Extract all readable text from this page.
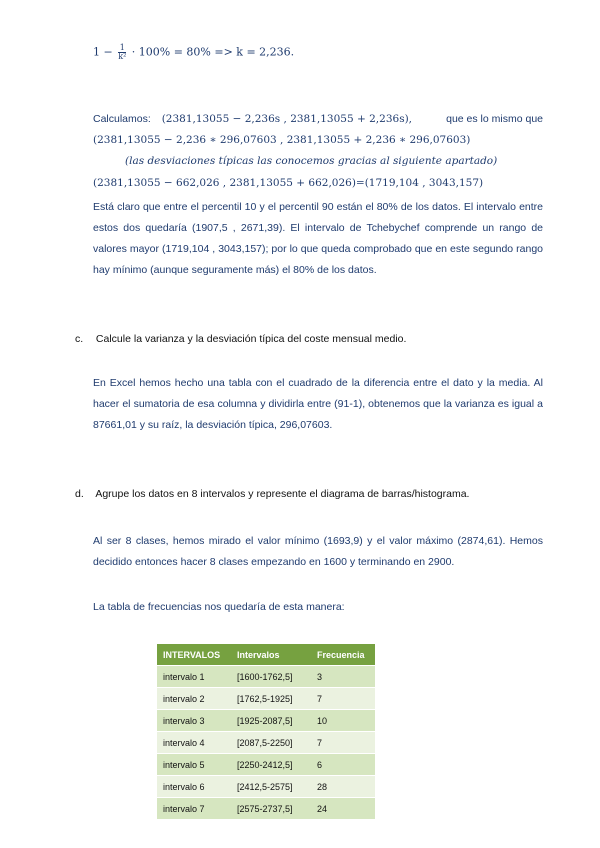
$1 - \frac{1}{\text{k²}} \cdot 100\% = 80\% => k = 2,236$.
Calculamos: (2381,13055 − 2,236s , 2381,13055 + 2,236s),	que es lo mismo que
(2381,13055 − 2,236 ∗ 296,07603 , 2381,13055 + 2,236 ∗ 296,07603)
(las desviaciones típicas las conocemos gracias al siguiente apartado)
(2381,13055 − 662,026 , 2381,13055 + 662,026)=(1719,104 , 3043,157)
Está claro que entre el percentil 10 y el percentil 90 están el 80% de los datos. El intervalo entre estos dos quedaría (1907,5 , 2671,39). El intervalo de Tchebychef comprende un rango de valores mayor (1719,104 , 3043,157); por lo que queda comprobado que en este segundo rango hay mínimo (aunque seguramente más) el 80% de los datos.
c. Calcule la varianza y la desviación típica del coste mensual medio.
En Excel hemos hecho una tabla con el cuadrado de la diferencia entre el dato y la media. Al hacer el sumatoria de esa columna y dividirla entre (91-1), obtenemos que la varianza es igual a 87661,01 y su raíz, la desviación típica, 296,07603.
d. Agrupe los datos en 8 intervalos y represente el diagrama de barras/histograma.
Al ser 8 clases, hemos mirado el valor mínimo (1693,9) y el valor máximo (2874,61). Hemos decidido entonces hacer 8 clases empezando en 1600 y terminando en 2900.
La tabla de frecuencias nos quedaría de esta manera:
INTERVALOS	Intervalos	Frecuencia
intervalo 1	[1600-1762,5]	3
intervalo 2	[1762,5-1925]	7
intervalo 3	[1925-2087,5]	10
intervalo 4	[2087,5-2250]	7
intervalo 5	[2250-2412,5]	6
intervalo 6	[2412,5-2575]	28
intervalo 7	[2575-2737,5]	24
